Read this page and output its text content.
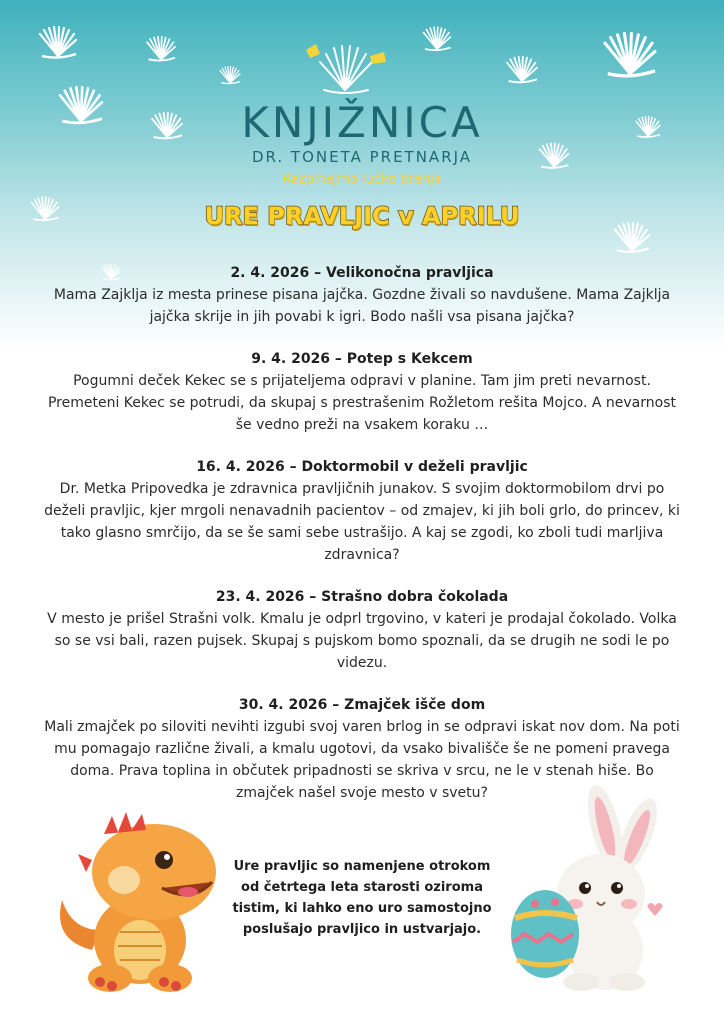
KNJIŽNICA
DR. TONETA PRETNARJA
Razpihajmo lučke branja
URE PRAVLJIC v APRILU
2. 4. 2026 – Velikonočna pravljica
Mama Zajklja iz mesta prinese pisana jajčka. Gozdne živali so navdušene. Mama Zajklja jajčka skrije in jih povabi k igri. Bodo našli vsa pisana jajčka?
9. 4. 2026 – Potep s Kekcem
Pogumni deček Kekec se s prijateljema odpravi v planine. Tam jim preti nevarnost. Premeteni Kekec se potrudi, da skupaj s prestrašenim Rožletom rešita Mojco. A nevarnost še vedno preži na vsakem koraku …
16. 4. 2026 – Doktormobil v deželi pravljic
Dr. Metka Pripovedka je zdravnica pravljičnih junakov. S svojim doktormobilom drvi po deželi pravljic, kjer mrgoli nenavadnih pacientov – od zmajev, ki jih boli grlo, do princev, ki tako glasno smrčijo, da se še sami sebe ustrašijo. A kaj se zgodi, ko zboli tudi marljiva zdravnica?
23. 4. 2026 – Strašno dobra čokolada
V mesto je prišel Strašni volk. Kmalu je odprl trgovino, v kateri je prodajal čokolado. Volka so se vsi bali, razen pujsek. Skupaj s pujskom bomo spoznali, da se drugih ne sodi le po videzu.
30. 4. 2026 – Zmajček išče dom
Mali zmajček po siloviti nevihti izgubi svoj varen brlog in se odpravi iskat nov dom. Na poti mu pomagajo različne živali, a kmalu ugotovi, da vsako bivališče še ne pomeni pravega doma. Prava toplina in občutek pripadnosti se skriva v srcu, ne le v stenah hiše. Bo zmajček našel svoje mesto v svetu?
Ure pravljic so namenjene otrokom od četrtega leta starosti oziroma tistim, ki lahko eno uro samostojno poslušajo pravljico in ustvarjajo.
